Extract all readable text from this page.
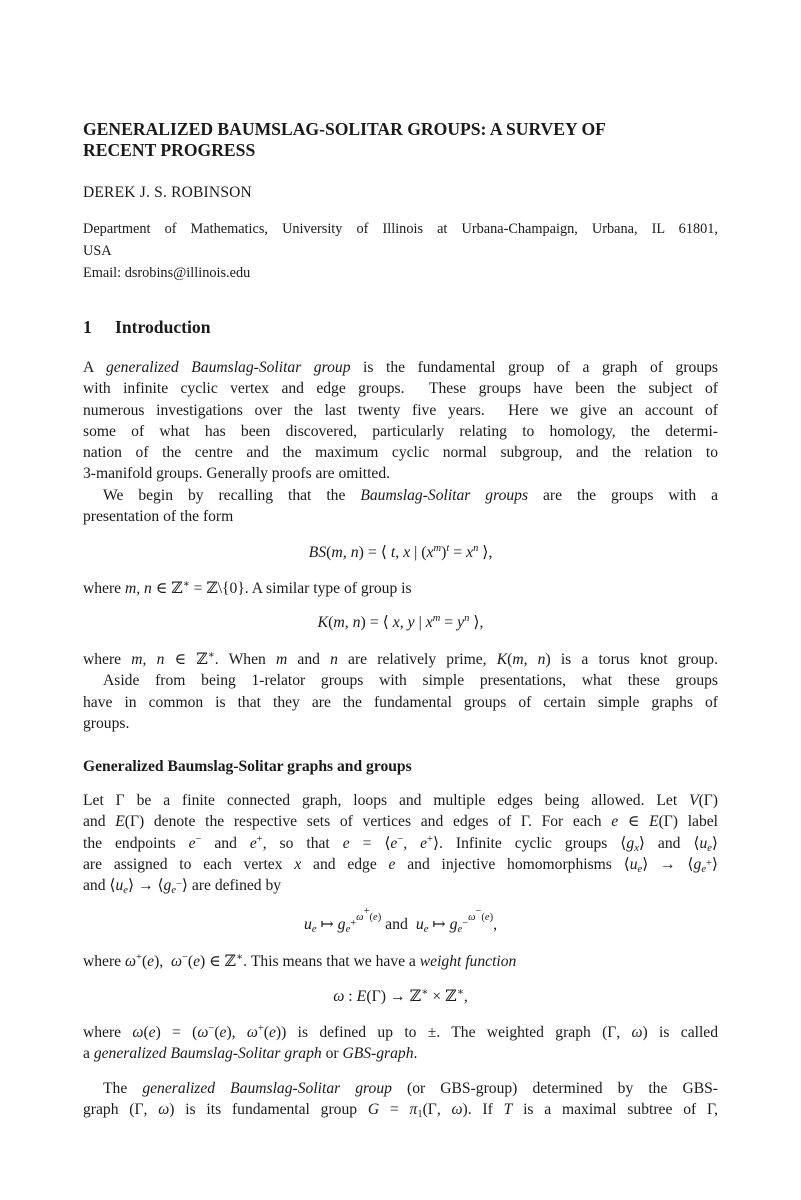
GENERALIZED BAUMSLAG-SOLITAR GROUPS: A SURVEY OF
RECENT PROGRESS
DEREK J. S. ROBINSON
Department of Mathematics, University of Illinois at Urbana-Champaign, Urbana, IL 61801,
USA
Email: dsrobins@illinois.edu
1 Introduction
A generalized Baumslag-Solitar group is the fundamental group of a graph of groups
with infinite cyclic vertex and edge groups.  These groups have been the subject of
numerous investigations over the last twenty five years.  Here we give an account of
some of what has been discovered, particularly relating to homology, the determi-
nation of the centre and the maximum cyclic normal subgroup, and the relation to
3-manifold groups. Generally proofs are omitted.
We begin by recalling that the Baumslag-Solitar groups are the groups with a
presentation of the form
BS(m, n) = ⟨ t, x | $(x^m)^t = x^n$ ⟩,
where m, n ∈ ℤ∗ = ℤ\{0}. A similar type of group is
K(m, n) = ⟨ x, y | $x^m = y^n$ ⟩,
where m, n ∈ ℤ∗. When m and n are relatively prime, K(m, n) is a torus knot group.
Aside from being 1-relator groups with simple presentations, what these groups
have in common is that they are the fundamental groups of certain simple graphs of
groups.
Generalized Baumslag-Solitar graphs and groups
Let Γ be a finite connected graph, loops and multiple edges being allowed. Let V(Γ)
and E(Γ) denote the respective sets of vertices and edges of Γ. For each e ∈ E(Γ) label
the endpoints e− and e+, so that e = ⟨e−, e+⟩. Infinite cyclic groups $⟨g_x⟩$ and $⟨u_e⟩$
are assigned to each vertex x and edge e and injective homomorphisms $⟨u_e⟩$ → $⟨g_{e^+}⟩$
and $⟨u_e⟩$ → $⟨g_{e^-}⟩$ are defined by
$u_e$ ↦ $g_{e^+}^{\omega^+(e)}$ and  $u_e$ ↦ $g_{e^-}^{\omega^-(e)}$,
where ω+(e),  ω−(e) ∈ ℤ∗. This means that we have a weight function
ω : E(Γ) → ℤ∗ × ℤ∗,
where ω(e) = (ω−(e), ω+(e)) is defined up to ±. The weighted graph (Γ, ω) is called
a generalized Baumslag-Solitar graph or GBS-graph.
The generalized Baumslag-Solitar group (or GBS-group) determined by the GBS-
graph (Γ, ω) is its fundamental group $G = \pi_1(\Gamma$, ω). If T is a maximal subtree of Γ,
